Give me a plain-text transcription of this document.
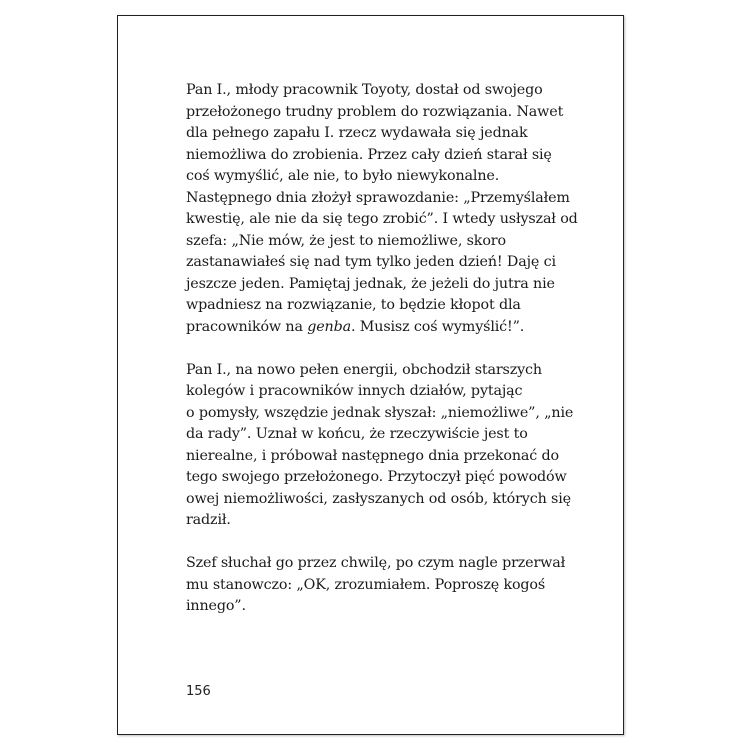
Pan I., młody pracownik Toyoty, dostał od swojego
przełożonego trudny problem do rozwiązania. Nawet
dla pełnego zapału I. rzecz wydawała się jednak
niemożliwa do zrobienia. Przez cały dzień starał się
coś wymyślić, ale nie, to było niewykonalne.
Następnego dnia złożył sprawozdanie: „Przemyślałem
kwestię, ale nie da się tego zrobić”. I wtedy usłyszał od
szefa: „Nie mów, że jest to niemożliwe, skoro
zastanawiałeś się nad tym tylko jeden dzień! Daję ci
jeszcze jeden. Pamiętaj jednak, że jeżeli do jutra nie
wpadniesz na rozwiązanie, to będzie kłopot dla
pracowników na genba. Musisz coś wymyślić!”.

Pan I., na nowo pełen energii, obchodził starszych
kolegów i pracowników innych działów, pytając
o pomysły, wszędzie jednak słyszał: „niemożliwe”, „nie
da rady”. Uznał w końcu, że rzeczywiście jest to
nierealne, i próbował następnego dnia przekonać do
tego swojego przełożonego. Przytoczył pięć powodów
owej niemożliwości, zasłyszanych od osób, których się
radził.

Szef słuchał go przez chwilę, po czym nagle przerwał
mu stanowczo: „OK, zrozumiałem. Poproszę kogoś
innego”.

156
